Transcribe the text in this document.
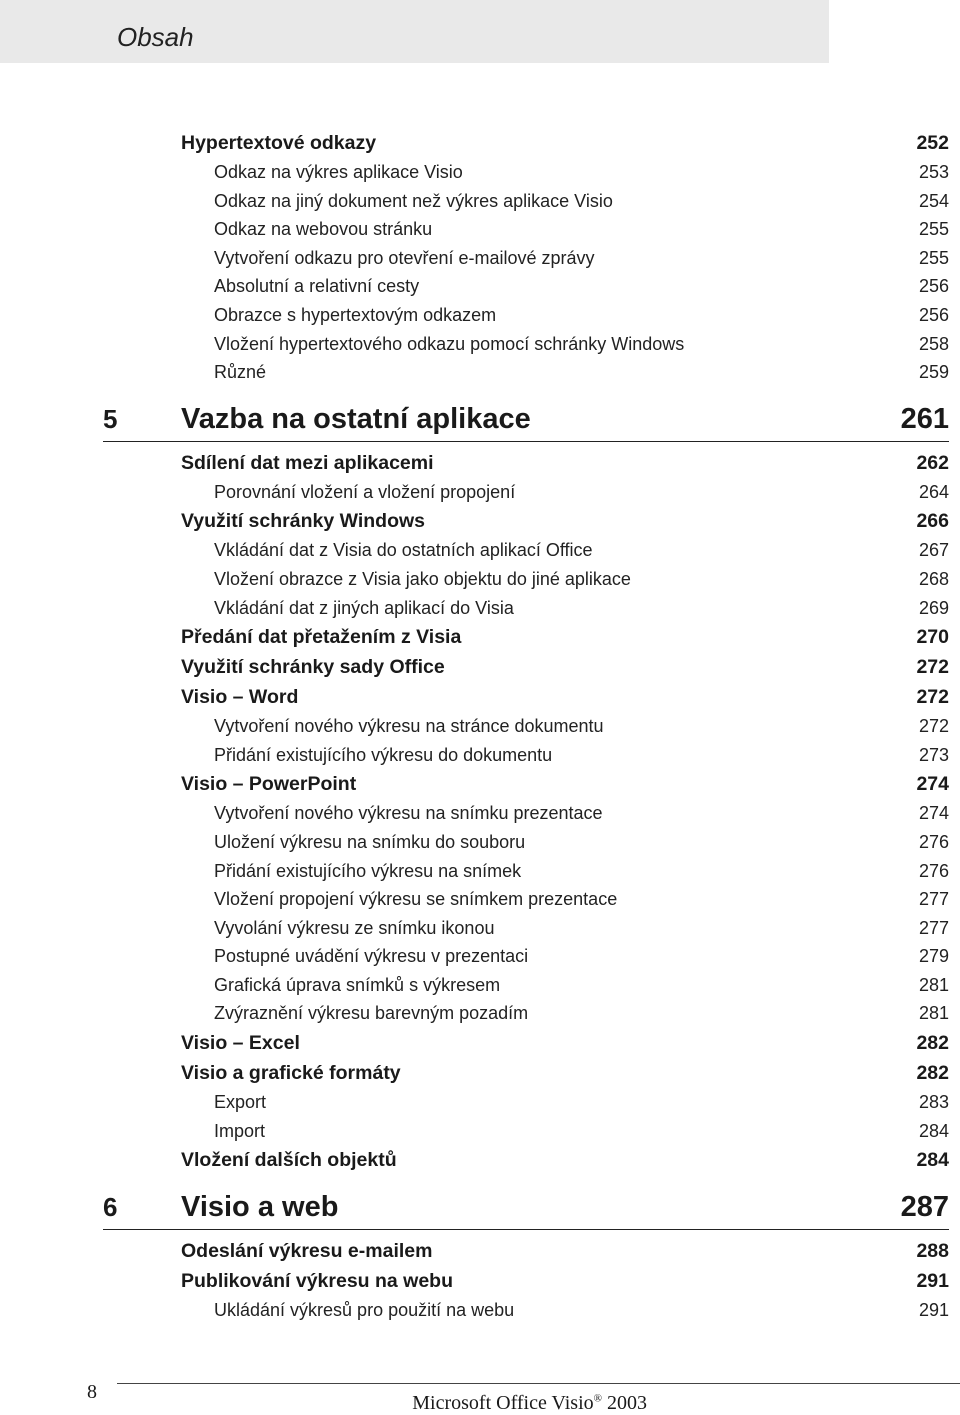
Obsah
Hypertextové odkazy	252
Odkaz na výkres aplikace Visio	253
Odkaz na jiný dokument než výkres aplikace Visio	254
Odkaz na webovou stránku	255
Vytvoření odkazu pro otevření e-mailové zprávy	255
Absolutní a relativní cesty	256
Obrazce s hypertextovým odkazem	256
Vložení hypertextového odkazu pomocí schránky Windows	258
Různé	259
5	Vazba na ostatní aplikace	261
Sdílení dat mezi aplikacemi	262
Porovnání vložení a vložení propojení	264
Využití schránky Windows	266
Vkládání dat z Visia do ostatních aplikací Office	267
Vložení obrazce z Visia jako objektu do jiné aplikace	268
Vkládání dat z jiných aplikací do Visia	269
Předání dat přetažením z Visia	270
Využití schránky sady Office	272
Visio – Word	272
Vytvoření nového výkresu na stránce dokumentu	272
Přidání existujícího výkresu do dokumentu	273
Visio – PowerPoint	274
Vytvoření nového výkresu na snímku prezentace	274
Uložení výkresu na snímku do souboru	276
Přidání existujícího výkresu na snímek	276
Vložení propojení výkresu se snímkem prezentace	277
Vyvolání výkresu ze snímku ikonou	277
Postupné uvádění výkresu v prezentaci	279
Grafická úprava snímků s výkresem	281
Zvýraznění výkresu barevným pozadím	281
Visio – Excel	282
Visio a grafické formáty	282
Export	283
Import	284
Vložení dalších objektů	284
6	Visio a web	287
Odeslání výkresu e-mailem	288
Publikování výkresu na webu	291
Ukládání výkresů pro použití na webu	291
8	Microsoft Office Visio® 2003
